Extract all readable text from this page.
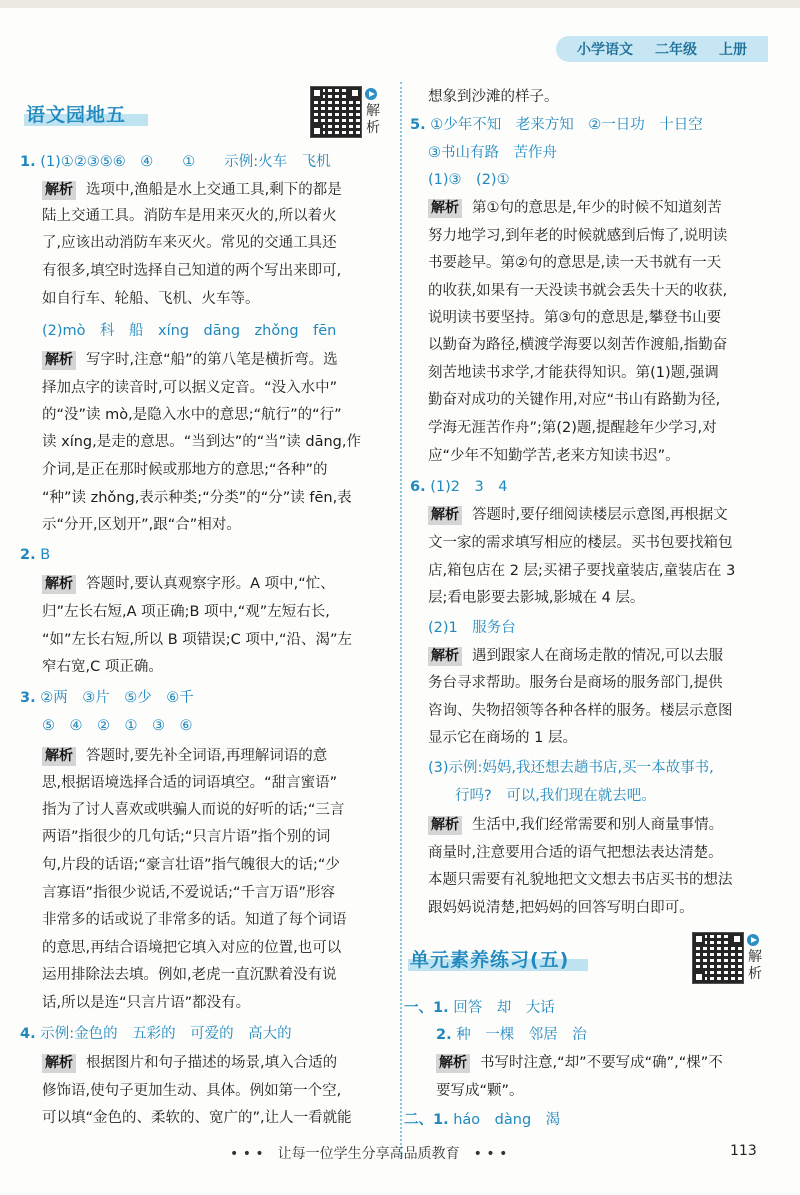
小学语文 二年级 上册
语文园地五	解析
单元素养练习(五)	解析
1. (1)①②③⑤⑥　④　　①　　示例:火车　飞机
解析 选项中,渔船是水上交通工具,剩下的都是
陆上交通工具。消防车是用来灭火的,所以着火
了,应该出动消防车来灭火。常见的交通工具还
有很多,填空时选择自己知道的两个写出来即可,
如自行车、轮船、飞机、火车等。
(2)mò　科　船　xíng　dāng　zhǒng　fēn
解析 写字时,注意“船”的第八笔是横折弯。选
择加点字的读音时,可以据义定音。“没入水中”
的“没”读 mò,是隐入水中的意思;“航行”的“行”
读 xíng,是走的意思。“当到达”的“当”读 dāng,作
介词,是正在那时候或那地方的意思;“各种”的
“种”读 zhǒng,表示种类;“分类”的“分”读 fēn,表
示“分开,区划开”,跟“合”相对。
2. B
解析 答题时,要认真观察字形。A 项中,“忙、
归”左长右短,A 项正确;B 项中,“观”左短右长,
“如”左长右短,所以 B 项错误;C 项中,“沿、渴”左
窄右宽,C 项正确。
3. ②两　③片　⑤少　⑥千
⑤　④　②　①　③　⑥
解析 答题时,要先补全词语,再理解词语的意
思,根据语境选择合适的词语填空。“甜言蜜语”
指为了讨人喜欢或哄骗人而说的好听的话;“三言
两语”指很少的几句话;“只言片语”指个别的词
句,片段的话语;“豪言壮语”指气魄很大的话;“少
言寡语”指很少说话,不爱说话;“千言万语”形容
非常多的话或说了非常多的话。知道了每个词语
的意思,再结合语境把它填入对应的位置,也可以
运用排除法去填。例如,老虎一直沉默着没有说
话,所以是连“只言片语”都没有。
4. 示例:金色的　五彩的　可爱的　高大的
解析 根据图片和句子描述的场景,填入合适的
修饰语,使句子更加生动、具体。例如第一个空,
可以填“金色的、柔软的、宽广的”,让人一看就能
想象到沙滩的样子。
5. ①少年不知　老来方知　②一日功　十日空
③书山有路　苦作舟
(1)③　(2)①
解析 第①句的意思是,年少的时候不知道刻苦
努力地学习,到年老的时候就感到后悔了,说明读
书要趁早。第②句的意思是,读一天书就有一天
的收获,如果有一天没读书就会丢失十天的收获,
说明读书要坚持。第③句的意思是,攀登书山要
以勤奋为路径,横渡学海要以刻苦作渡船,指勤奋
刻苦地读书求学,才能获得知识。第(1)题,强调
勤奋对成功的关键作用,对应“书山有路勤为径,
学海无涯苦作舟”;第(2)题,提醒趁年少学习,对
应“少年不知勤学苦,老来方知读书迟”。
6. (1)2　3　4
解析 答题时,要仔细阅读楼层示意图,再根据文
文一家的需求填写相应的楼层。买书包要找箱包
店,箱包店在 2 层;买裙子要找童装店,童装店在 3
层;看电影要去影城,影城在 4 层。
(2)1　服务台
解析 遇到跟家人在商场走散的情况,可以去服
务台寻求帮助。服务台是商场的服务部门,提供
咨询、失物招领等各种各样的服务。楼层示意图
显示它在商场的 1 层。
(3)示例:妈妈,我还想去趟书店,买一本故事书,
行吗?　可以,我们现在就去吧。
解析 生活中,我们经常需要和别人商量事情。
商量时,注意要用合适的语气把想法表达清楚。
本题只需要有礼貌地把文文想去书店买书的想法
跟妈妈说清楚,把妈妈的回答写明白即可。
一、1. 回答　却　大话
2. 种　一棵　邻居　治
解析 书写时注意,“却”不要写成“确”,“棵”不
要写成“颗”。
二、1. háo　dàng　渴
• • •　让每一位学生分享高品质教育　• • •	113
